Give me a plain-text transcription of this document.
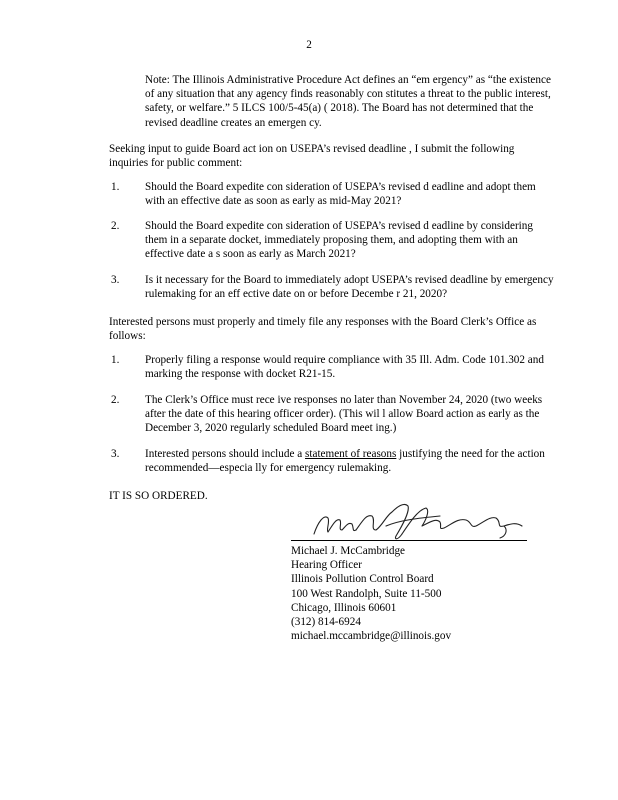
2
Note: The Illinois Administrative Procedure Act defines an “em ergency” as “the existence of any situation that any agency finds reasonably con stitutes a threat to the public interest, safety, or welfare.” 5 ILCS 100/5-45(a) ( 2018). The Board has not determined that the revised deadline creates an emergen cy.
Seeking input to guide Board act ion on USEPA’s revised deadline , I submit the following inquiries for public comment:
1. Should the Board expedite con sideration of USEPA’s revised d eadline and adopt them with an effective date as soon as early as mid-May 2021?
2. Should the Board expedite con sideration of USEPA’s revised d eadline by considering them in a separate docket, immediately proposing them, and adopting them with an effective date a s soon as early as March 2021?
3. Is it necessary for the Board to immediately adopt USEPA’s revised deadline by emergency rulemaking for an eff ective date on or before Decembe r 21, 2020?
Interested persons must properly and timely file any responses with the Board Clerk’s Office as follows:
1. Properly filing a response would require compliance with 35 Ill. Adm. Code 101.302 and marking the response with docket R21-15.
2. The Clerk’s Office must rece ive responses no later than November 24, 2020 (two weeks after the date of this hearing officer order). (This wil l allow Board action as early as the December 3, 2020 regularly scheduled Board meet ing.)
3. Interested persons should include a statement of reasons justifying the need for the action recommended—especia lly for emergency rulemaking.
IT IS SO ORDERED.
Michael J. McCambridge
Hearing Officer
Illinois Pollution Control Board
100 West Randolph, Suite 11-500
Chicago, Illinois 60601
(312) 814-6924
michael.mccambridge@illinois.gov
